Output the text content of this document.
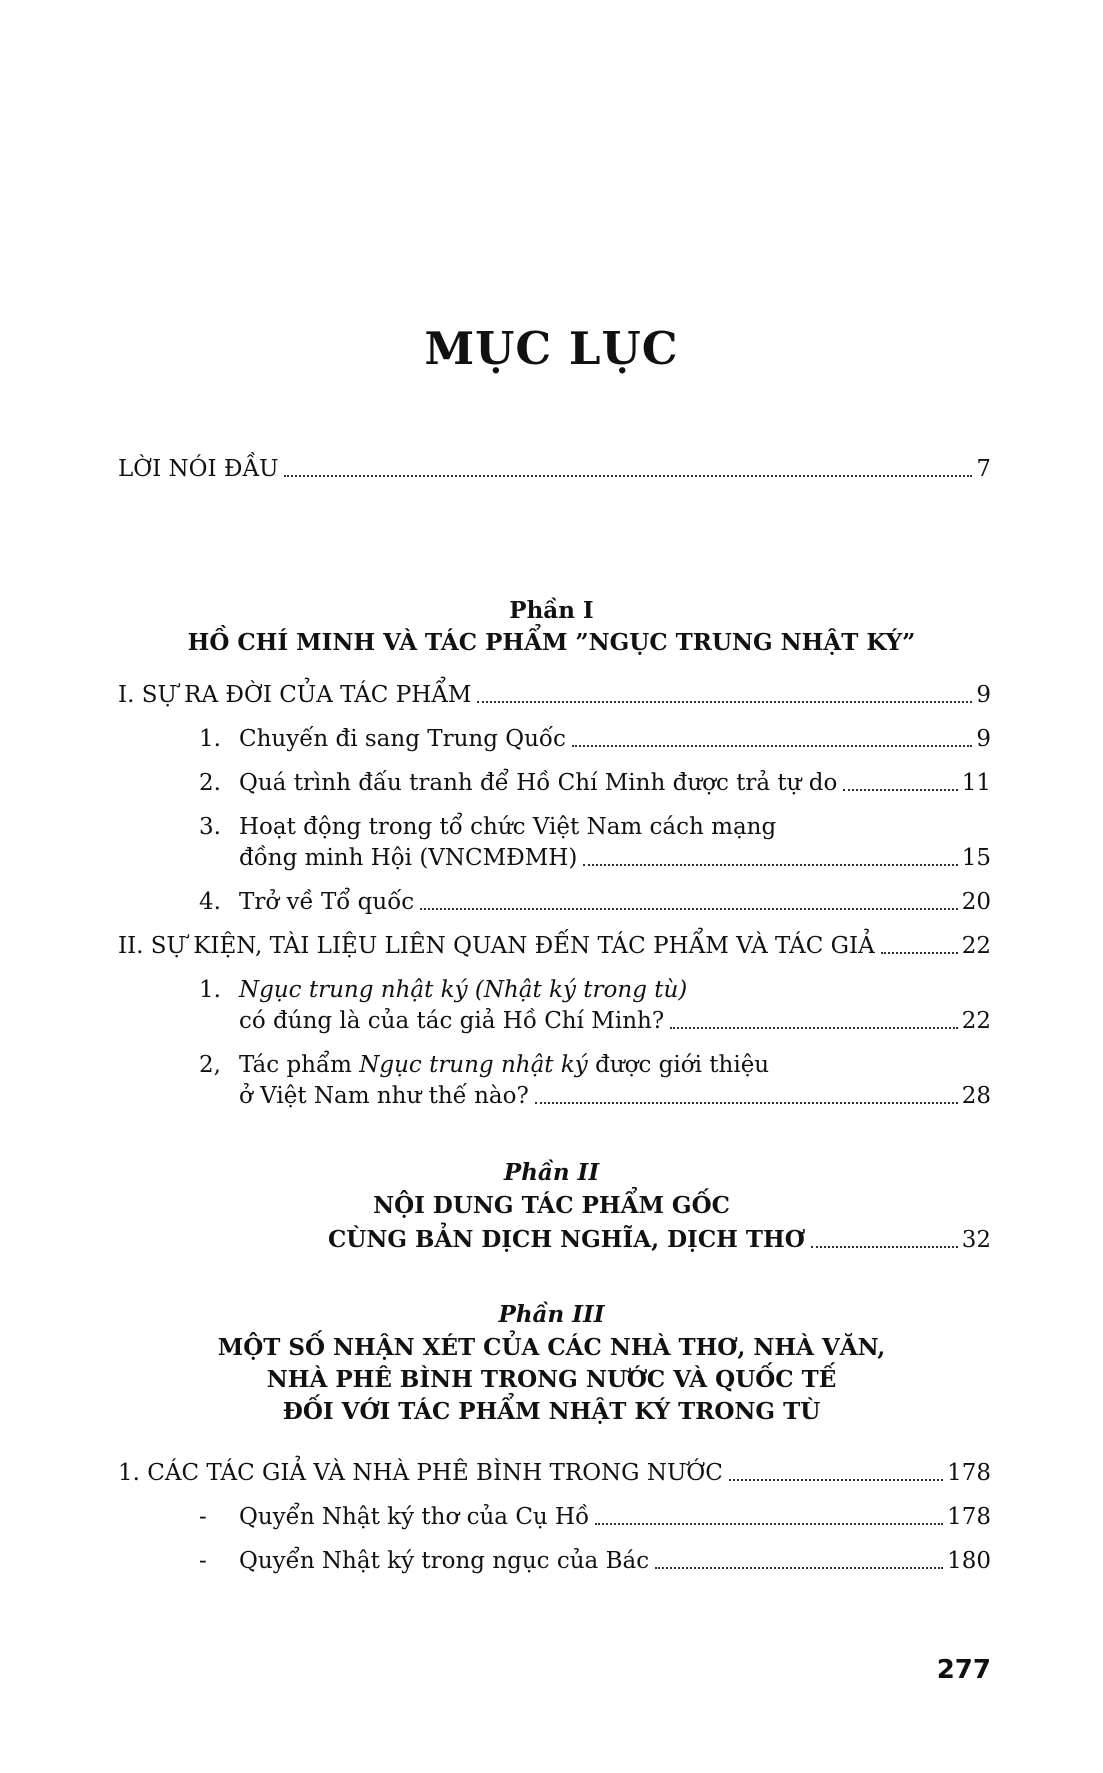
MỤC LỤC
LỜI NÓI ĐẦU	7
Phần I
HỒ CHÍ MINH VÀ TÁC PHẨM ”NGỤC TRUNG NHẬT KÝ”
I. SỰ RA ĐỜI CỦA TÁC PHẨM	9
1. Chuyến đi sang Trung Quốc	9
2. Quá trình đấu tranh để Hồ Chí Minh được trả tự do	11
3. Hoạt động trong tổ chức Việt Nam cách mạng
đồng minh Hội (VNCMĐMH)	15
4. Trở về Tổ quốc	20
II. SỰ KIỆN, TÀI LIỆU LIÊN QUAN ĐẾN TÁC PHẨM VÀ TÁC GIẢ	22
1. Ngục trung nhật ký (Nhật ký trong tù)
có đúng là của tác giả Hồ Chí Minh?	22
2, Tác phẩm Ngục trung nhật ký được giới thiệu
ở Việt Nam như thế nào?	28
Phần II
NỘI DUNG TÁC PHẨM GỐC
CÙNG BẢN DỊCH NGHĨA, DỊCH THƠ	32
Phần III
MỘT SỐ NHẬN XÉT CỦA CÁC NHÀ THƠ, NHÀ VĂN,
NHÀ PHÊ BÌNH TRONG NƯỚC VÀ QUỐC TẾ
ĐỐI VỚI TÁC PHẨM NHẬT KÝ TRONG TÙ
1. CÁC TÁC GIẢ VÀ NHÀ PHÊ BÌNH TRONG NƯỚC	178
-	Quyển Nhật ký thơ của Cụ Hồ	178
-	Quyển Nhật ký trong ngục của Bác	180
277
